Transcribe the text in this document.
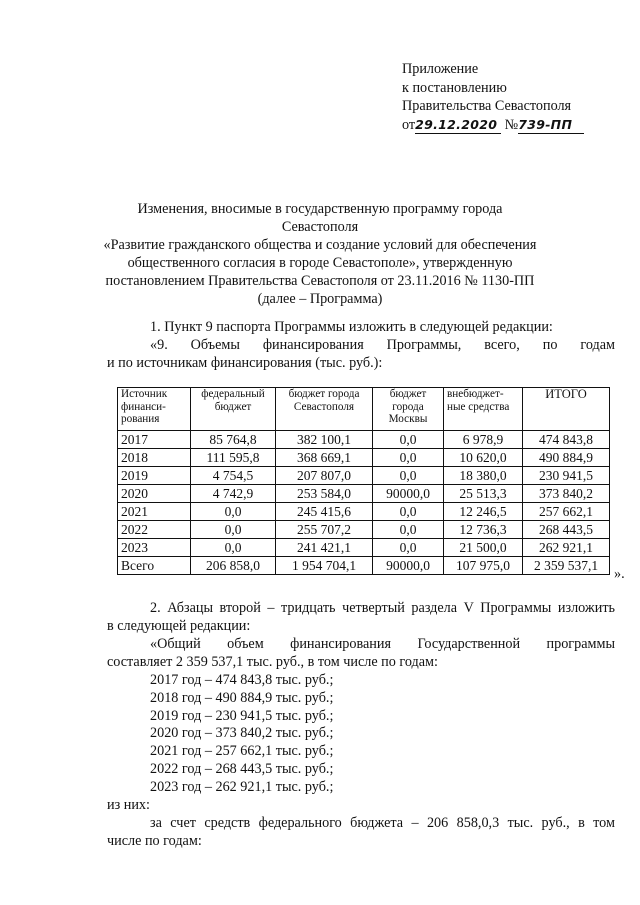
Приложение
к постановлению
Правительства Севастополя
от29.12.2020 №739-ПП
Изменения, вносимые в государственную программу города Севастополя
«Развитие гражданского общества и создание условий для обеспечения
общественного согласия в городе Севастополе», утвержденную
постановлением Правительства Севастополя от 23.11.2016 № 1130-ПП
(далее – Программа)
1. Пункт 9 паспорта Программы изложить в следующей редакции:
«9. Объемы финансирования Программы, всего, по годам
и по источникам финансирования (тыс. руб.):
Источник финанси-рования	федеральный бюджет	бюджет города Севастополя	бюджет города Москвы	внебюджет-ные средства	ИТОГО
2017	85 764,8	382 100,1	0,0	6 978,9	474 843,8
2018	111 595,8	368 669,1	0,0	10 620,0	490 884,9
2019	4 754,5	207 807,0	0,0	18 380,0	230 941,5
2020	4 742,9	253 584,0	90000,0	25 513,3	373 840,2
2021	0,0	245 415,6	0,0	12 246,5	257 662,1
2022	0,0	255 707,2	0,0	12 736,3	268 443,5
2023	0,0	241 421,1	0,0	21 500,0	262 921,1
Всего	206 858,0	1 954 704,1	90000,0	107 975,0	2 359 537,1
».
2. Абзацы второй – тридцать четвертый раздела V Программы изложить
в следующей редакции:
«Общий объем финансирования Государственной программы
составляет 2 359 537,1 тыс. руб., в том числе по годам:
2017 год – 474 843,8 тыс. руб.;
2018 год – 490 884,9 тыс. руб.;
2019 год – 230 941,5 тыс. руб.;
2020 год – 373 840,2 тыс. руб.;
2021 год – 257 662,1 тыс. руб.;
2022 год – 268 443,5 тыс. руб.;
2023 год – 262 921,1 тыс. руб.;
из них:
за счет средств федерального бюджета – 206 858,0,3 тыс. руб., в том
числе по годам:
